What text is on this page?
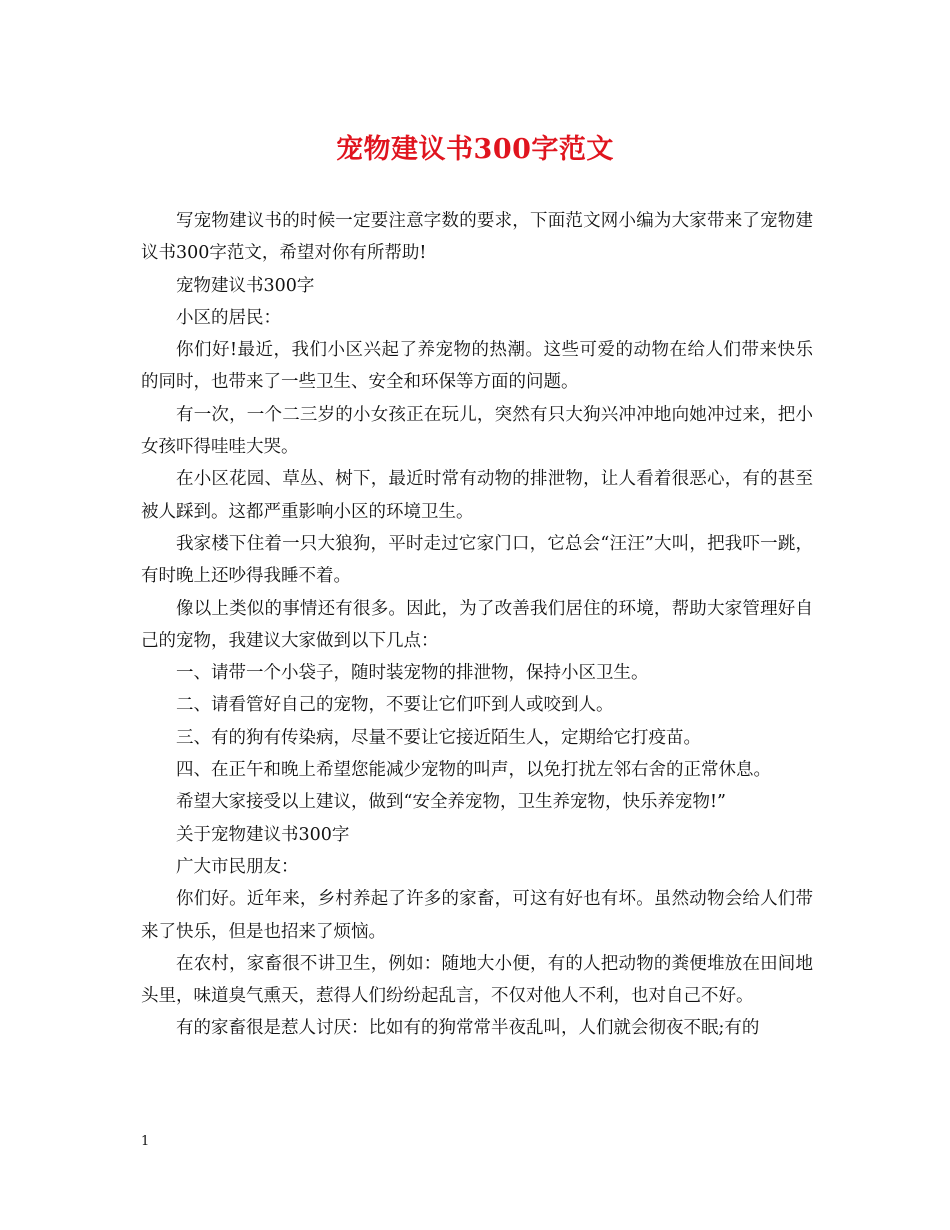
宠物建议书300字范文

写宠物建议书的时候一定要注意字数的要求，下面范文网小编为大家带来了宠物建议书300字范文，希望对你有所帮助!

宠物建议书300字

小区的居民：

你们好!最近，我们小区兴起了养宠物的热潮。这些可爱的动物在给人们带来快乐的同时，也带来了一些卫生、安全和环保等方面的问题。

有一次，一个二三岁的小女孩正在玩儿，突然有只大狗兴冲冲地向她冲过来，把小女孩吓得哇哇大哭。

在小区花园、草丛、树下，最近时常有动物的排泄物，让人看着很恶心，有的甚至被人踩到。这都严重影响小区的环境卫生。

我家楼下住着一只大狼狗，平时走过它家门口，它总会“汪汪”大叫，把我吓一跳，有时晚上还吵得我睡不着。

像以上类似的事情还有很多。因此，为了改善我们居住的环境，帮助大家管理好自己的宠物，我建议大家做到以下几点：

一、请带一个小袋子，随时装宠物的排泄物，保持小区卫生。

二、请看管好自己的宠物，不要让它们吓到人或咬到人。

三、有的狗有传染病，尽量不要让它接近陌生人，定期给它打疫苗。

四、在正午和晚上希望您能减少宠物的叫声，以免打扰左邻右舍的正常休息。

希望大家接受以上建议，做到“安全养宠物，卫生养宠物，快乐养宠物!”

关于宠物建议书300字

广大市民朋友：

你们好。近年来，乡村养起了许多的家畜，可这有好也有坏。虽然动物会给人们带来了快乐，但是也招来了烦恼。

在农村，家畜很不讲卫生，例如：随地大小便，有的人把动物的粪便堆放在田间地头里，味道臭气熏天，惹得人们纷纷起乱言，不仅对他人不利，也对自己不好。

有的家畜很是惹人讨厌：比如有的狗常常半夜乱叫，人们就会彻夜不眠;有的

1
